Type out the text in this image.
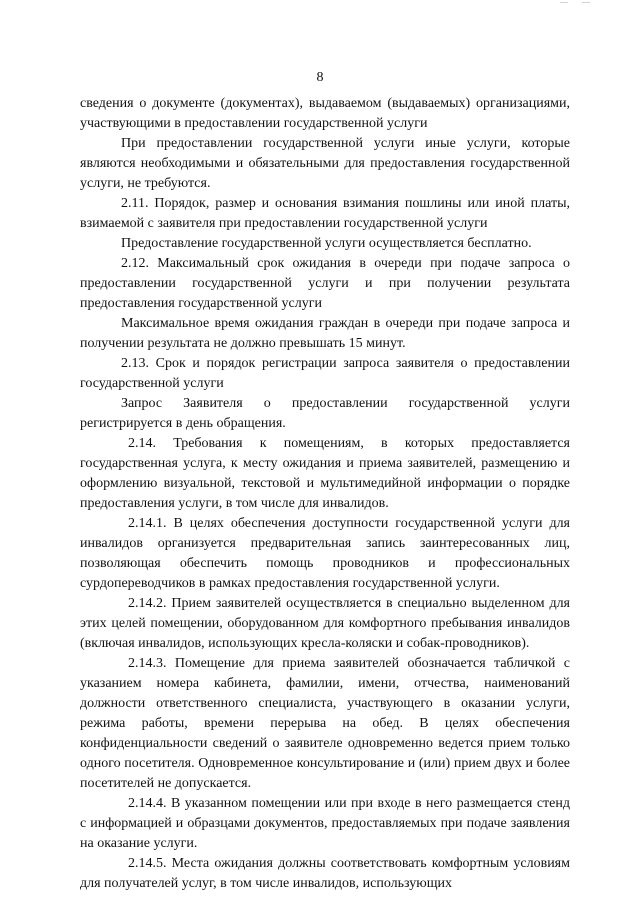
— —
8

сведения о документе (документах), выдаваемом (выдаваемых) организациями, участвующими в предоставлении государственной услуги

При предоставлении государственной услуги иные услуги, которые являются необходимыми и обязательными для предоставления государственной услуги, не требуются.

2.11. Порядок, размер и основания взимания пошлины или иной платы, взимаемой с заявителя при предоставлении государственной услуги

Предоставление государственной услуги осуществляется бесплатно.

2.12. Максимальный срок ожидания в очереди при подаче запроса о предоставлении государственной услуги и при получении результата предоставления государственной услуги

Максимальное время ожидания граждан в очереди при подаче запроса и получении результата не должно превышать 15 минут.

2.13. Срок и порядок регистрации запроса заявителя о предоставлении государственной услуги

Запрос Заявителя о предоставлении государственной услуги регистрируется в день обращения.

2.14. Требования к помещениям, в которых предоставляется государственная услуга, к месту ожидания и приема заявителей, размещению и оформлению визуальной, текстовой и мультимедийной информации о порядке предоставления услуги, в том числе для инвалидов.

2.14.1. В целях обеспечения доступности государственной услуги для инвалидов организуется предварительная запись заинтересованных лиц, позволяющая обеспечить помощь проводников и профессиональных сурдопереводчиков в рамках предоставления государственной услуги.

2.14.2. Прием заявителей осуществляется в специально выделенном для этих целей помещении, оборудованном для комфортного пребывания инвалидов (включая инвалидов, использующих кресла-коляски и собак-проводников).

2.14.3. Помещение для приема заявителей обозначается табличкой с указанием номера кабинета, фамилии, имени, отчества, наименований должности ответственного специалиста, участвующего в оказании услуги, режима работы, времени перерыва на обед. В целях обеспечения конфиденциальности сведений о заявителе одновременно ведется прием только одного посетителя. Одновременное консультирование и (или) прием двух и более посетителей не допускается.

2.14.4. В указанном помещении или при входе в него размещается стенд с информацией и образцами документов, предоставляемых при подаче заявления на оказание услуги.

2.14.5. Места ожидания должны соответствовать комфортным условиям для получателей услуг, в том числе инвалидов, использующих
